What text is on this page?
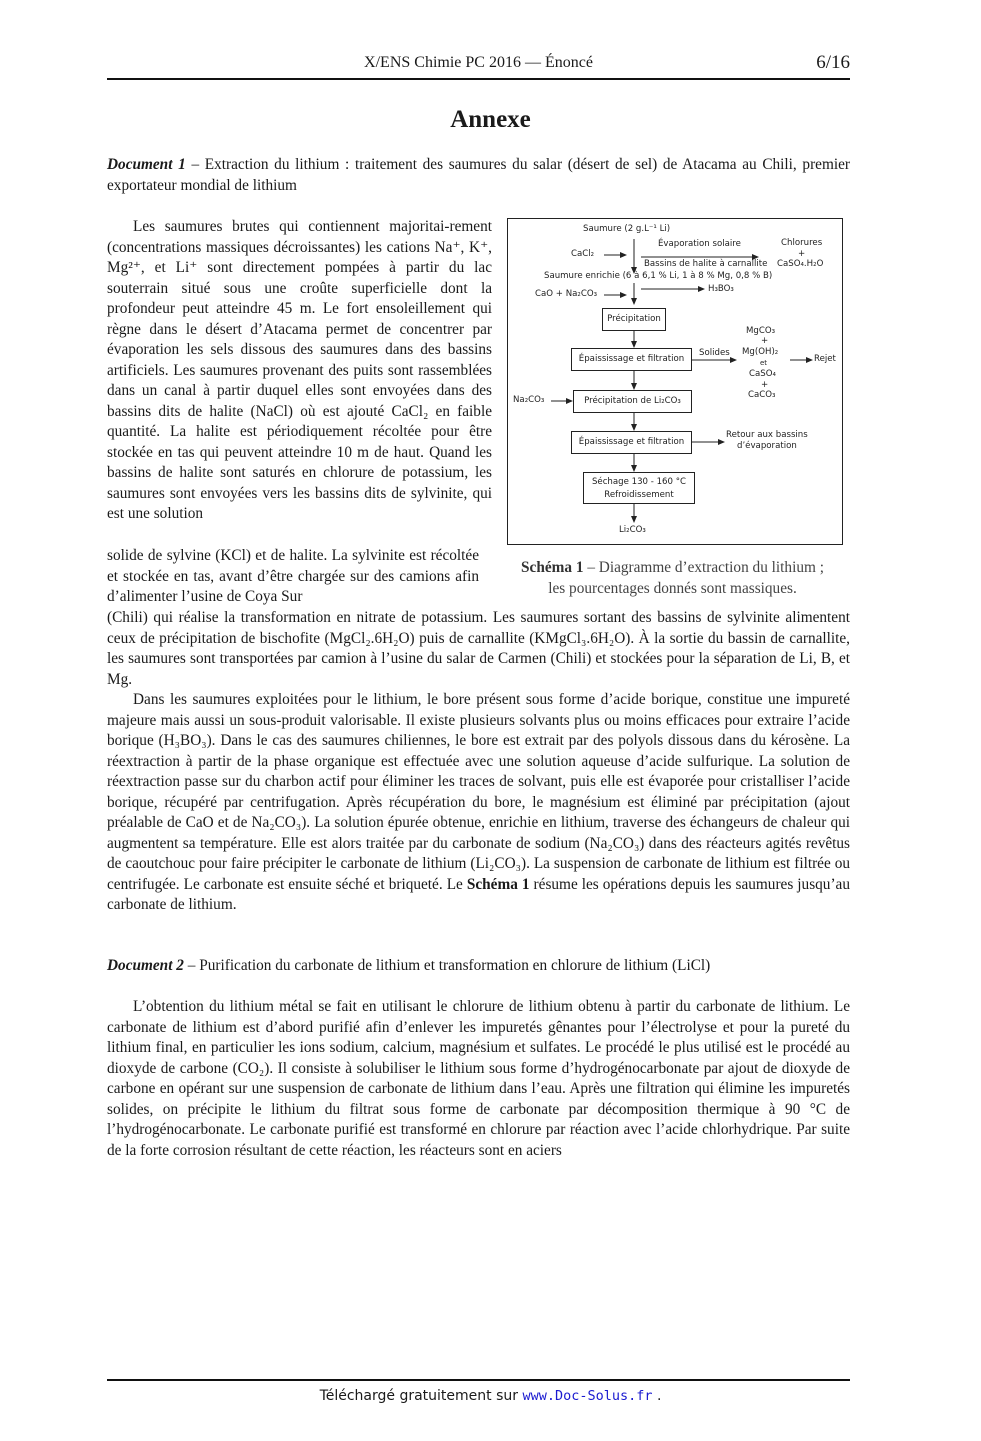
X/ENS Chimie PC 2016 — Énoncé	6/16
Annexe
Document 1 – Extraction du lithium : traitement des saumures du salar (désert de sel) de Atacama au Chili, premier exportateur mondial de lithium
Les saumures brutes qui contiennent majoritai-rement (concentrations massiques décroissantes) les cations Na⁺, K⁺, Mg²⁺, et Li⁺ sont directement pompées à partir du lac souterrain situé sous une croûte superficielle dont la profondeur peut atteindre 45 m. Le fort ensoleillement qui règne dans le désert d’Atacama permet de concentrer par évaporation les sels dissous des saumures dans des bassins artificiels. Les saumures provenant des puits sont rassemblées dans un canal à partir duquel elles sont envoyées dans des bassins dits de halite (NaCl) où est ajouté CaCl₂ en faible quantité. La halite est périodiquement récoltée pour être stockée en tas qui peuvent atteindre 10 m de haut. Quand les bassins de halite sont saturés en chlorure de potassium, les saumures sont envoyées vers les bassins dits de sylvinite, qui est une solution
solide de sylvine (KCl) et de halite. La sylvinite est récoltée et stockée en tas, avant d’être chargée sur des camions afin d’alimenter l’usine de Coya Sur
Saumure (2 g.L⁻¹ Li)
CaCl₂
Évaporation solaire
Bassins de halite à carnallite
Chlorures
+
CaSO₄.H₂O
Saumure enrichie (6 à 6,1 % Li, 1 à 8 % Mg, 0,8 % B)
CaO + Na₂CO₃	H₃BO₃
Précipitation
Épaississage et filtration
Solides
MgCO₃
+
Mg(OH)₂
et
CaSO₄
+
CaCO₃
Rejet
Na₂CO₃	Précipitation de Li₂CO₃
Épaississage et filtration
Retour aux bassins
d’évaporation
Séchage 130 - 160 °C
Refroidissement
Li₂CO₃
Schéma 1 – Diagramme d’extraction du lithium ;
les pourcentages donnés sont massiques.
(Chili) qui réalise la transformation en nitrate de potassium. Les saumures sortant des bassins de sylvinite alimentent ceux de précipitation de bischofite (MgCl₂.6H₂O) puis de carnallite (KMgCl₃.6H₂O). À la sortie du bassin de carnallite, les saumures sont transportées par camion à l’usine du salar de Carmen (Chili) et stockées pour la séparation de Li, B, et Mg.
Dans les saumures exploitées pour le lithium, le bore présent sous forme d’acide borique, constitue une impureté majeure mais aussi un sous-produit valorisable. Il existe plusieurs solvants plus ou moins efficaces pour extraire l’acide borique (H₃BO₃). Dans le cas des saumures chiliennes, le bore est extrait par des polyols dissous dans du kérosène. La réextraction à partir de la phase organique est effectuée avec une solution aqueuse d’acide sulfurique. La solution de réextraction passe sur du charbon actif pour éliminer les traces de solvant, puis elle est évaporée pour cristalliser l’acide borique, récupéré par centrifugation. Après récupération du bore, le magnésium est éliminé par précipitation (ajout préalable de CaO et de Na₂CO₃). La solution épurée obtenue, enrichie en lithium, traverse des échangeurs de chaleur qui augmentent sa température. Elle est alors traitée par du carbonate de sodium (Na₂CO₃) dans des réacteurs agités revêtus de caoutchouc pour faire précipiter le carbonate de lithium (Li₂CO₃). La suspension de carbonate de lithium est filtrée ou centrifugée. Le carbonate est ensuite séché et briqueté. Le Schéma 1 résume les opérations depuis les saumures jusqu’au carbonate de lithium.
Document 2 – Purification du carbonate de lithium et transformation en chlorure de lithium (LiCl)
L’obtention du lithium métal se fait en utilisant le chlorure de lithium obtenu à partir du carbonate de lithium. Le carbonate de lithium est d’abord purifié afin d’enlever les impuretés gênantes pour l’électrolyse et pour la pureté du lithium final, en particulier les ions sodium, calcium, magnésium et sulfates. Le procédé le plus utilisé est le procédé au dioxyde de carbone (CO₂). Il consiste à solubiliser le lithium sous forme d’hydrogénocarbonate par ajout de dioxyde de carbone en opérant sur une suspension de carbonate de lithium dans l’eau. Après une filtration qui élimine les impuretés solides, on précipite le lithium du filtrat sous forme de carbonate par décomposition thermique à 90 °C de l’hydrogénocarbonate. Le carbonate purifié est transformé en chlorure par réaction avec l’acide chlorhydrique. Par suite de la forte corrosion résultant de cette réaction, les réacteurs sont en aciers
Téléchargé gratuitement sur www.Doc-Solus.fr .
